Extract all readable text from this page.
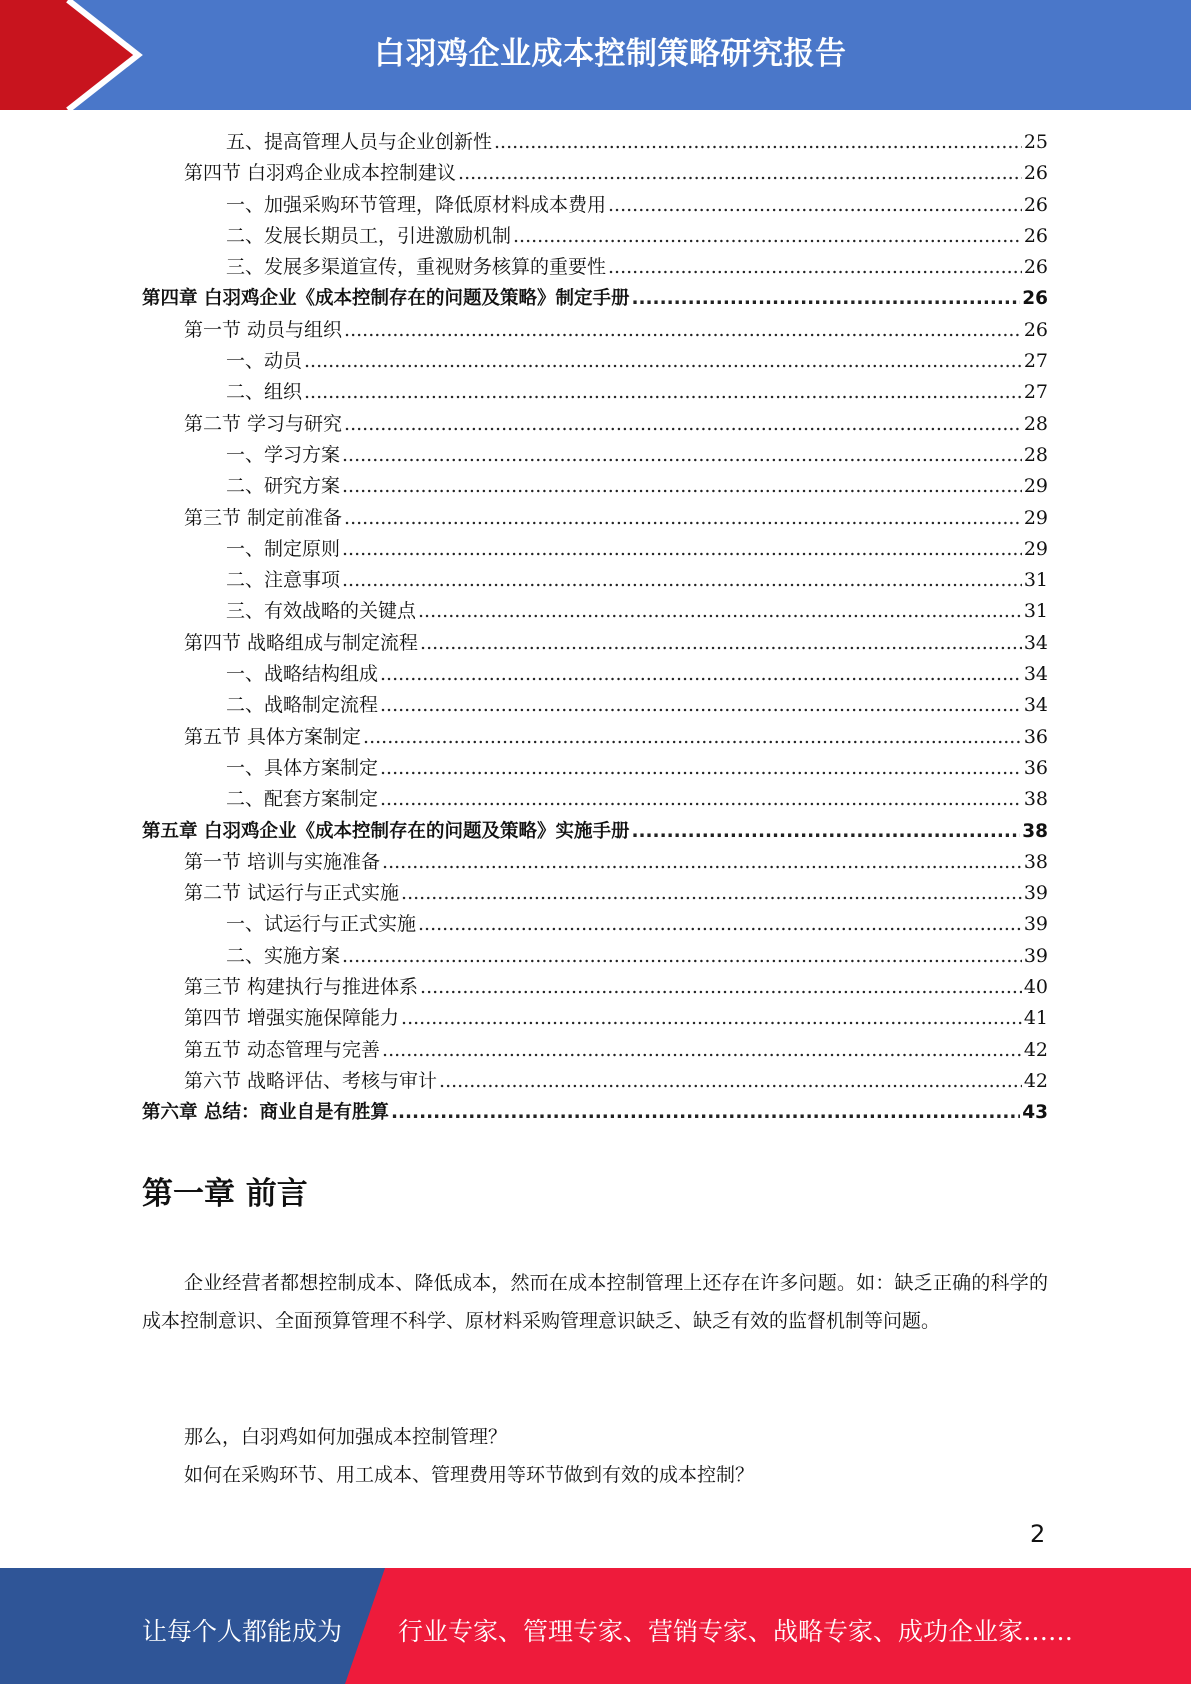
白羽鸡企业成本控制策略研究报告
五、提高管理人员与企业创新性 .....	25
第四节 白羽鸡企业成本控制建议 .....	26
一、加强采购环节管理，降低原材料成本费用 .....	26
二、发展长期员工，引进激励机制 .....	26
三、发展多渠道宣传，重视财务核算的重要性 .....	26
第四章 白羽鸡企业《成本控制存在的问题及策略》制定手册 .....	26
第一节 动员与组织 .....	26
一、动员 .....	27
二、组织 .....	27
第二节 学习与研究 .....	28
一、学习方案 .....	28
二、研究方案 .....	29
第三节 制定前准备 .....	29
一、制定原则 .....	29
二、注意事项 .....	31
三、有效战略的关键点 .....	31
第四节 战略组成与制定流程 .....	34
一、战略结构组成 .....	34
二、战略制定流程 .....	34
第五节 具体方案制定 .....	36
一、具体方案制定 .....	36
二、配套方案制定 .....	38
第五章 白羽鸡企业《成本控制存在的问题及策略》实施手册 .....	38
第一节 培训与实施准备 .....	38
第二节 试运行与正式实施 .....	39
一、试运行与正式实施 .....	39
二、实施方案 .....	39
第三节 构建执行与推进体系 .....	40
第四节 增强实施保障能力 .....	41
第五节 动态管理与完善 .....	42
第六节 战略评估、考核与审计 .....	42
第六章 总结：商业自是有胜算 .....	43
第一章 前言
企业经营者都想控制成本、降低成本，然而在成本控制管理上还存在许多问题。如：缺乏正确的科学的成本控制意识、全面预算管理不科学、原材料采购管理意识缺乏、缺乏有效的监督机制等问题。
那么，白羽鸡如何加强成本控制管理？
如何在采购环节、用工成本、管理费用等环节做到有效的成本控制？
2
让每个人都能成为 行业专家、管理专家、营销专家、战略专家、成功企业家……
